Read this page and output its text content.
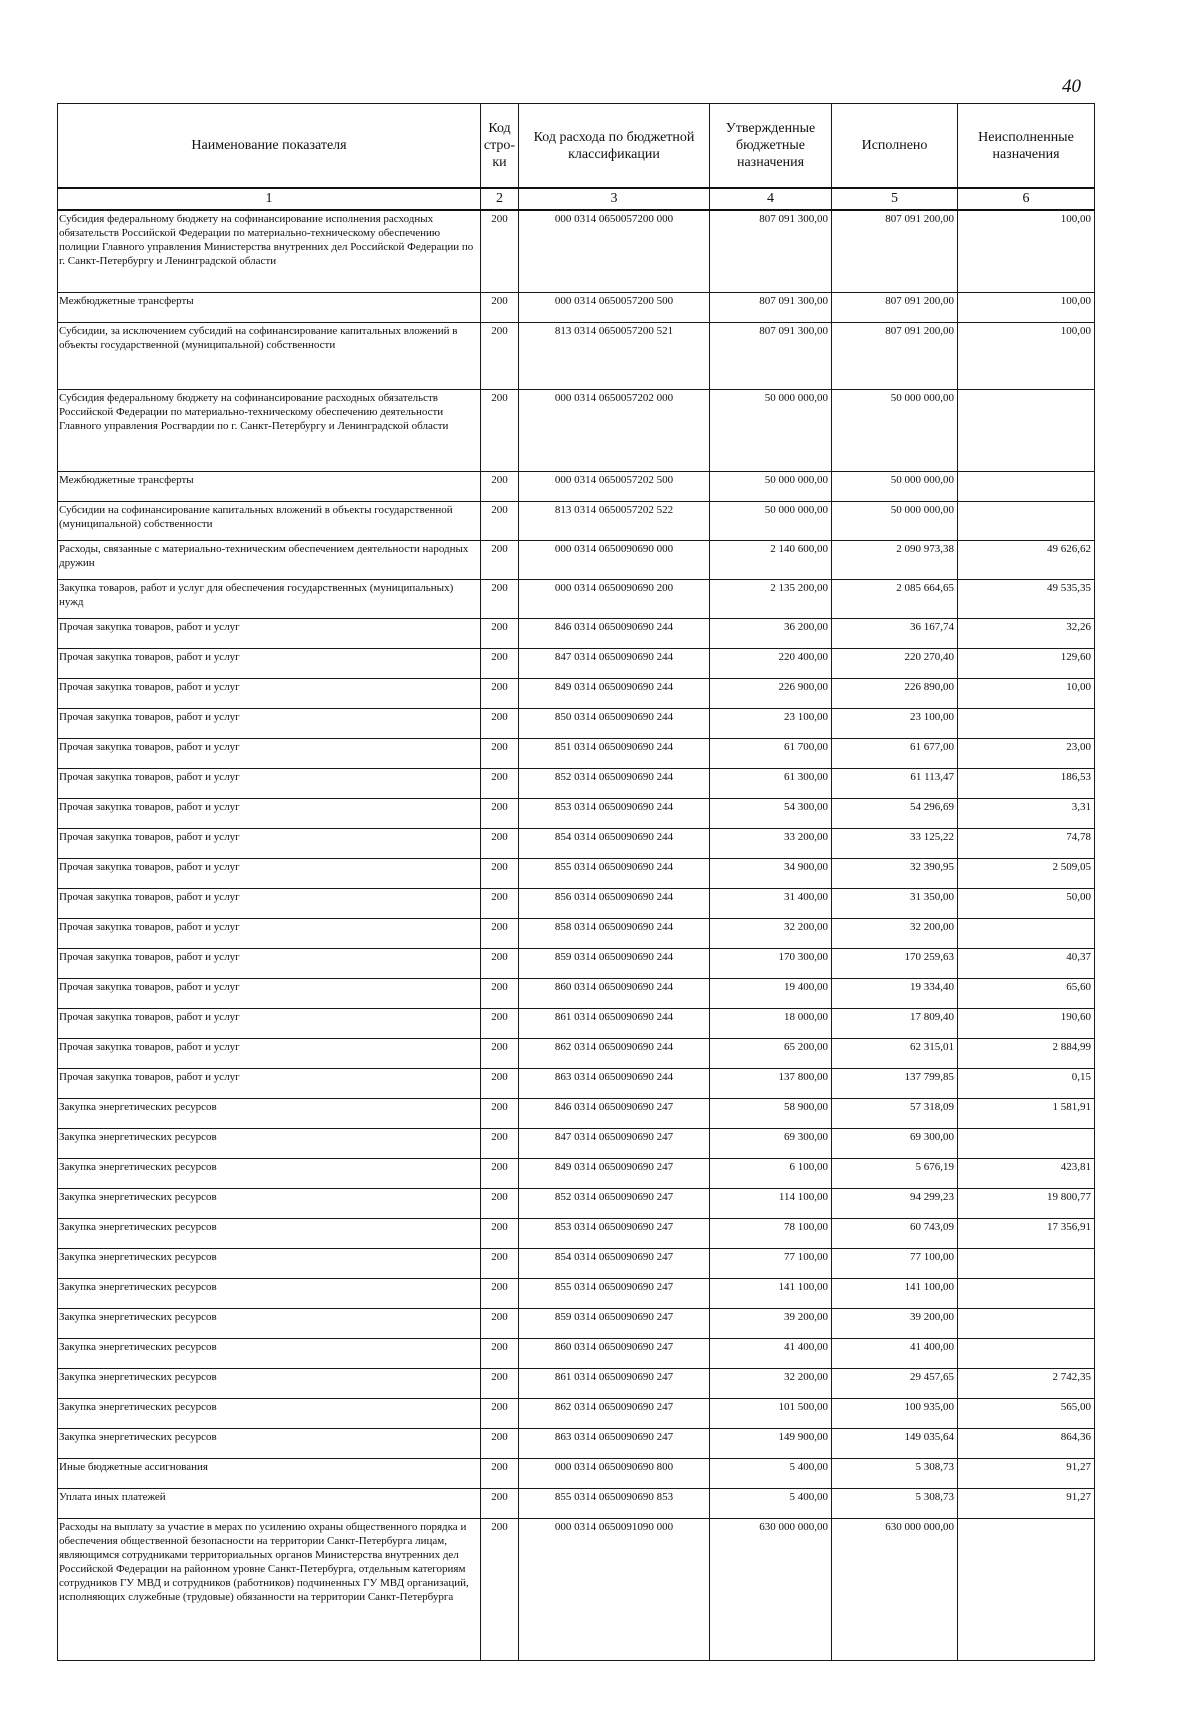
40
Наименование показателя	Код стро-ки	Код расхода по бюджетной классификации	Утвержденные бюджетные назначения	Исполнено	Неисполненные назначения
1	2	3	4	5	6
Субсидия федеральному бюджету на софинансирование исполнения расходных обязательств Российской Федерации по материально-техническому обеспечению полиции Главного управления Министерства внутренних дел Российской Федерации по г. Санкт-Петербургу и Ленинградской области	200	000 0314 0650057200 000	807 091 300,00	807 091 200,00	100,00
Межбюджетные трансферты	200	000 0314 0650057200 500	807 091 300,00	807 091 200,00	100,00
Субсидии, за исключением субсидий на софинансирование капитальных вложений в объекты государственной (муниципальной) собственности	200	813 0314 0650057200 521	807 091 300,00	807 091 200,00	100,00
Субсидия федеральному бюджету на софинансирование расходных обязательств Российской Федерации по материально-техническому обеспечению деятельности Главного управления Росгвардии по г. Санкт-Петербургу и Ленинградской области	200	000 0314 0650057202 000	50 000 000,00	50 000 000,00	
Межбюджетные трансферты	200	000 0314 0650057202 500	50 000 000,00	50 000 000,00	
Субсидии на софинансирование капитальных вложений в объекты государственной (муниципальной) собственности	200	813 0314 0650057202 522	50 000 000,00	50 000 000,00	
Расходы, связанные с материально-техническим обеспечением деятельности народных дружин	200	000 0314 0650090690 000	2 140 600,00	2 090 973,38	49 626,62
Закупка товаров, работ и услуг для обеспечения государственных (муниципальных) нужд	200	000 0314 0650090690 200	2 135 200,00	2 085 664,65	49 535,35
Прочая закупка товаров, работ и услуг	200	846 0314 0650090690 244	36 200,00	36 167,74	32,26
Прочая закупка товаров, работ и услуг	200	847 0314 0650090690 244	220 400,00	220 270,40	129,60
Прочая закупка товаров, работ и услуг	200	849 0314 0650090690 244	226 900,00	226 890,00	10,00
Прочая закупка товаров, работ и услуг	200	850 0314 0650090690 244	23 100,00	23 100,00	
Прочая закупка товаров, работ и услуг	200	851 0314 0650090690 244	61 700,00	61 677,00	23,00
Прочая закупка товаров, работ и услуг	200	852 0314 0650090690 244	61 300,00	61 113,47	186,53
Прочая закупка товаров, работ и услуг	200	853 0314 0650090690 244	54 300,00	54 296,69	3,31
Прочая закупка товаров, работ и услуг	200	854 0314 0650090690 244	33 200,00	33 125,22	74,78
Прочая закупка товаров, работ и услуг	200	855 0314 0650090690 244	34 900,00	32 390,95	2 509,05
Прочая закупка товаров, работ и услуг	200	856 0314 0650090690 244	31 400,00	31 350,00	50,00
Прочая закупка товаров, работ и услуг	200	858 0314 0650090690 244	32 200,00	32 200,00	
Прочая закупка товаров, работ и услуг	200	859 0314 0650090690 244	170 300,00	170 259,63	40,37
Прочая закупка товаров, работ и услуг	200	860 0314 0650090690 244	19 400,00	19 334,40	65,60
Прочая закупка товаров, работ и услуг	200	861 0314 0650090690 244	18 000,00	17 809,40	190,60
Прочая закупка товаров, работ и услуг	200	862 0314 0650090690 244	65 200,00	62 315,01	2 884,99
Прочая закупка товаров, работ и услуг	200	863 0314 0650090690 244	137 800,00	137 799,85	0,15
Закупка энергетических ресурсов	200	846 0314 0650090690 247	58 900,00	57 318,09	1 581,91
Закупка энергетических ресурсов	200	847 0314 0650090690 247	69 300,00	69 300,00	
Закупка энергетических ресурсов	200	849 0314 0650090690 247	6 100,00	5 676,19	423,81
Закупка энергетических ресурсов	200	852 0314 0650090690 247	114 100,00	94 299,23	19 800,77
Закупка энергетических ресурсов	200	853 0314 0650090690 247	78 100,00	60 743,09	17 356,91
Закупка энергетических ресурсов	200	854 0314 0650090690 247	77 100,00	77 100,00	
Закупка энергетических ресурсов	200	855 0314 0650090690 247	141 100,00	141 100,00	
Закупка энергетических ресурсов	200	859 0314 0650090690 247	39 200,00	39 200,00	
Закупка энергетических ресурсов	200	860 0314 0650090690 247	41 400,00	41 400,00	
Закупка энергетических ресурсов	200	861 0314 0650090690 247	32 200,00	29 457,65	2 742,35
Закупка энергетических ресурсов	200	862 0314 0650090690 247	101 500,00	100 935,00	565,00
Закупка энергетических ресурсов	200	863 0314 0650090690 247	149 900,00	149 035,64	864,36
Иные бюджетные ассигнования	200	000 0314 0650090690 800	5 400,00	5 308,73	91,27
Уплата иных платежей	200	855 0314 0650090690 853	5 400,00	5 308,73	91,27
Расходы на выплату за участие в мерах по усилению охраны общественного порядка и обеспечения общественной безопасности на территории Санкт-Петербурга лицам, являющимся сотрудниками территориальных органов Министерства внутренних дел Российской Федерации на районном уровне Санкт-Петербурга, отдельным категориям сотрудников ГУ МВД и сотрудников (работников) подчиненных ГУ МВД организаций, исполняющих служебные (трудовые) обязанности на территории Санкт-Петербурга	200	000 0314 0650091090 000	630 000 000,00	630 000 000,00	
